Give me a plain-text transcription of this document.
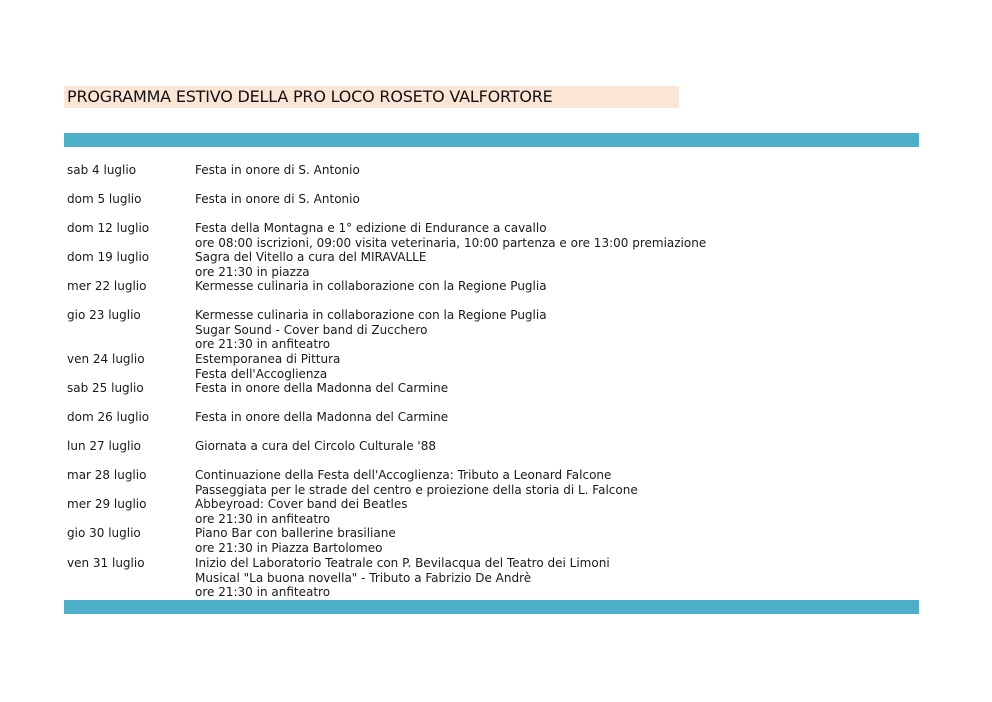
PROGRAMMA ESTIVO DELLA PRO LOCO ROSETO VALFORTORE
sab 4 luglio	Festa in onore di S. Antonio
dom 5 luglio	Festa in onore di S. Antonio
dom 12 luglio	Festa della Montagna e 1° edizione di Endurance a cavallo
ore 08:00 iscrizioni, 09:00 visita veterinaria, 10:00 partenza e ore 13:00 premiazione
dom 19 luglio	Sagra del Vitello a cura del MIRAVALLE
ore 21:30 in piazza
mer 22 luglio	Kermesse culinaria in collaborazione con la Regione Puglia
gio 23 luglio	Kermesse culinaria in collaborazione con la Regione Puglia
Sugar Sound - Cover band di Zucchero
ore 21:30 in anfiteatro
ven 24 luglio	Estemporanea di Pittura
Festa dell'Accoglienza
sab 25 luglio	Festa in onore della Madonna del Carmine
dom 26 luglio	Festa in onore della Madonna del Carmine
lun 27 luglio	Giornata a cura del Circolo Culturale '88
mar 28 luglio	Continuazione della Festa dell'Accoglienza: Tributo a Leonard Falcone
Passeggiata per le strade del centro e proiezione della storia di L. Falcone
mer 29 luglio	Abbeyroad: Cover band dei Beatles
ore 21:30 in anfiteatro
gio 30 luglio	Piano Bar con ballerine brasiliane
ore 21:30 in Piazza Bartolomeo
ven 31 luglio	Inizio del Laboratorio Teatrale con P. Bevilacqua del Teatro dei Limoni
Musical "La buona novella" - Tributo a Fabrizio De Andrè
ore 21:30 in anfiteatro
